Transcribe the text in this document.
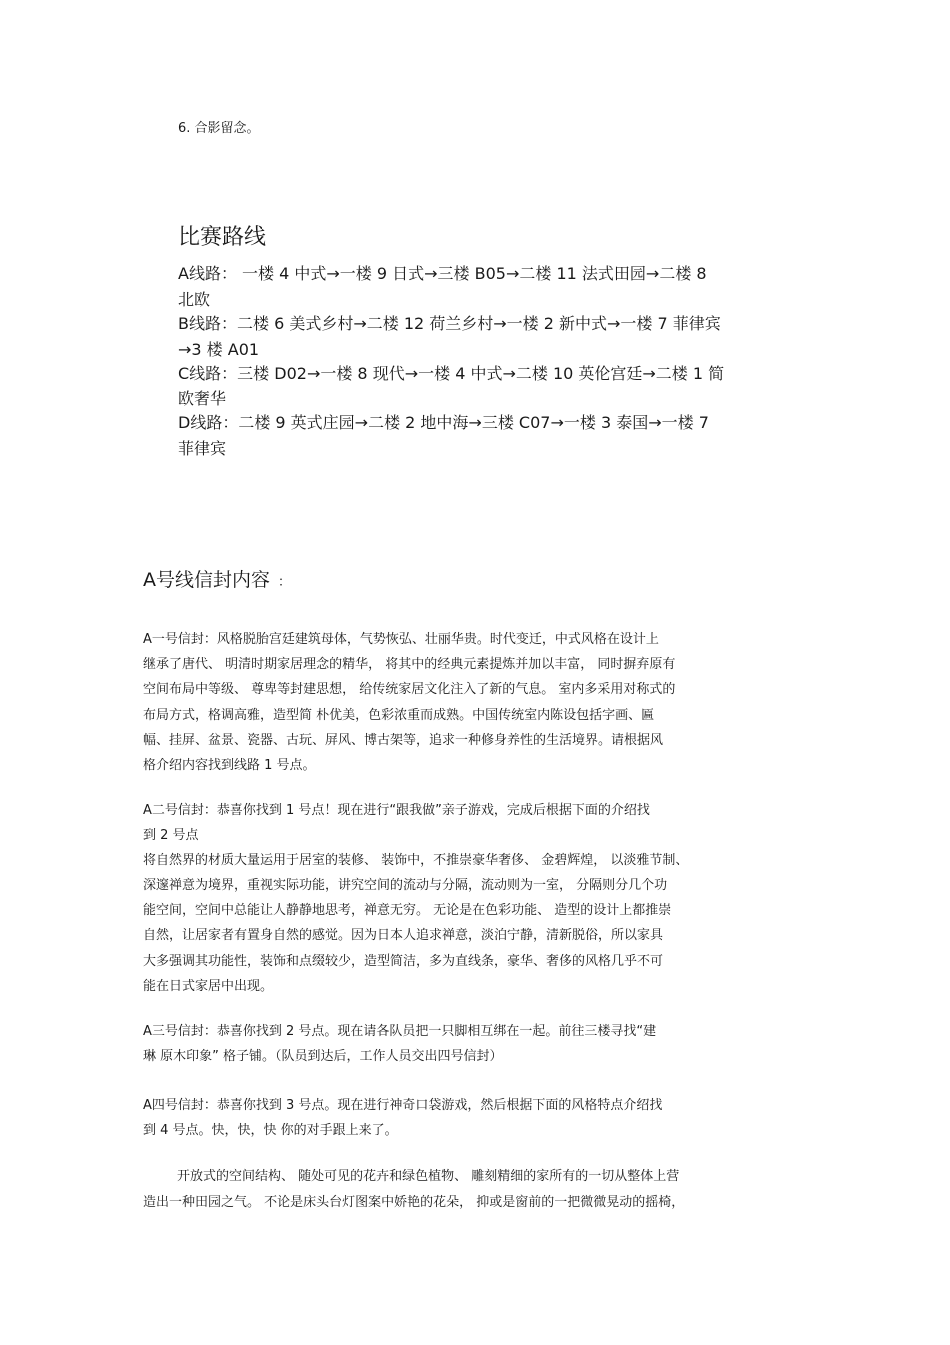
6. 合影留念。
比赛路线
A线路： 一楼 4 中式→一楼 9 日式→三楼 B05→二楼 11 法式田园→二楼 8
北欧
B线路：二楼 6 美式乡村→二楼 12 荷兰乡村→一楼 2 新中式→一楼 7 菲律宾
→3 楼 A01
C线路：三楼 D02→一楼 8 现代→一楼 4 中式→二楼 10 英伦宫廷→二楼 1 简
欧奢华
D线路：二楼 9 英式庄园→二楼 2 地中海→三楼 C07→一楼 3 泰国→一楼 7
菲律宾
A号线信封内容 ：
A一号信封：风格脱胎宫廷建筑母体，气势恢弘、壮丽华贵。时代变迁，中式风格在设计上
继承了唐代、 明清时期家居理念的精华， 将其中的经典元素提炼并加以丰富， 同时摒弃原有
空间布局中等级、 尊卑等封建思想， 给传统家居文化注入了新的气息。 室内多采用对称式的
布局方式，格调高雅，造型简 朴优美，色彩浓重而成熟。中国传统室内陈设包括字画、匾
幅、挂屏、盆景、瓷器、古玩、屏风、博古架等，追求一种修身养性的生活境界。请根据风
格介绍内容找到线路 1 号点。
A二号信封：恭喜你找到 1 号点！现在进行“跟我做”亲子游戏，完成后根据下面的介绍找
到 2 号点
将自然界的材质大量运用于居室的装修、 装饰中，不推崇豪华奢侈、 金碧辉煌， 以淡雅节制、
深邃禅意为境界，重视实际功能，讲究空间的流动与分隔，流动则为一室， 分隔则分几个功
能空间，空间中总能让人静静地思考，禅意无穷。 无论是在色彩功能、 造型的设计上都推崇
自然，让居家者有置身自然的感觉。因为日本人追求禅意，淡泊宁静，清新脱俗，所以家具
大多强调其功能性，装饰和点缀较少，造型简洁，多为直线条，豪华、奢侈的风格几乎不可
能在日式家居中出现。
A三号信封：恭喜你找到 2 号点。现在请各队员把一只脚相互绑在一起。前往三楼寻找“建
琳 原木印象” 格子铺。（队员到达后，工作人员交出四号信封）
A四号信封：恭喜你找到 3 号点。现在进行神奇口袋游戏，然后根据下面的风格特点介绍找
到 4 号点。快，快，快 你的对手跟上来了。
开放式的空间结构、 随处可见的花卉和绿色植物、 雕刻精细的家所有的一切从整体上营
造出一种田园之气。 不论是床头台灯图案中娇艳的花朵， 抑或是窗前的一把微微晃动的摇椅，
